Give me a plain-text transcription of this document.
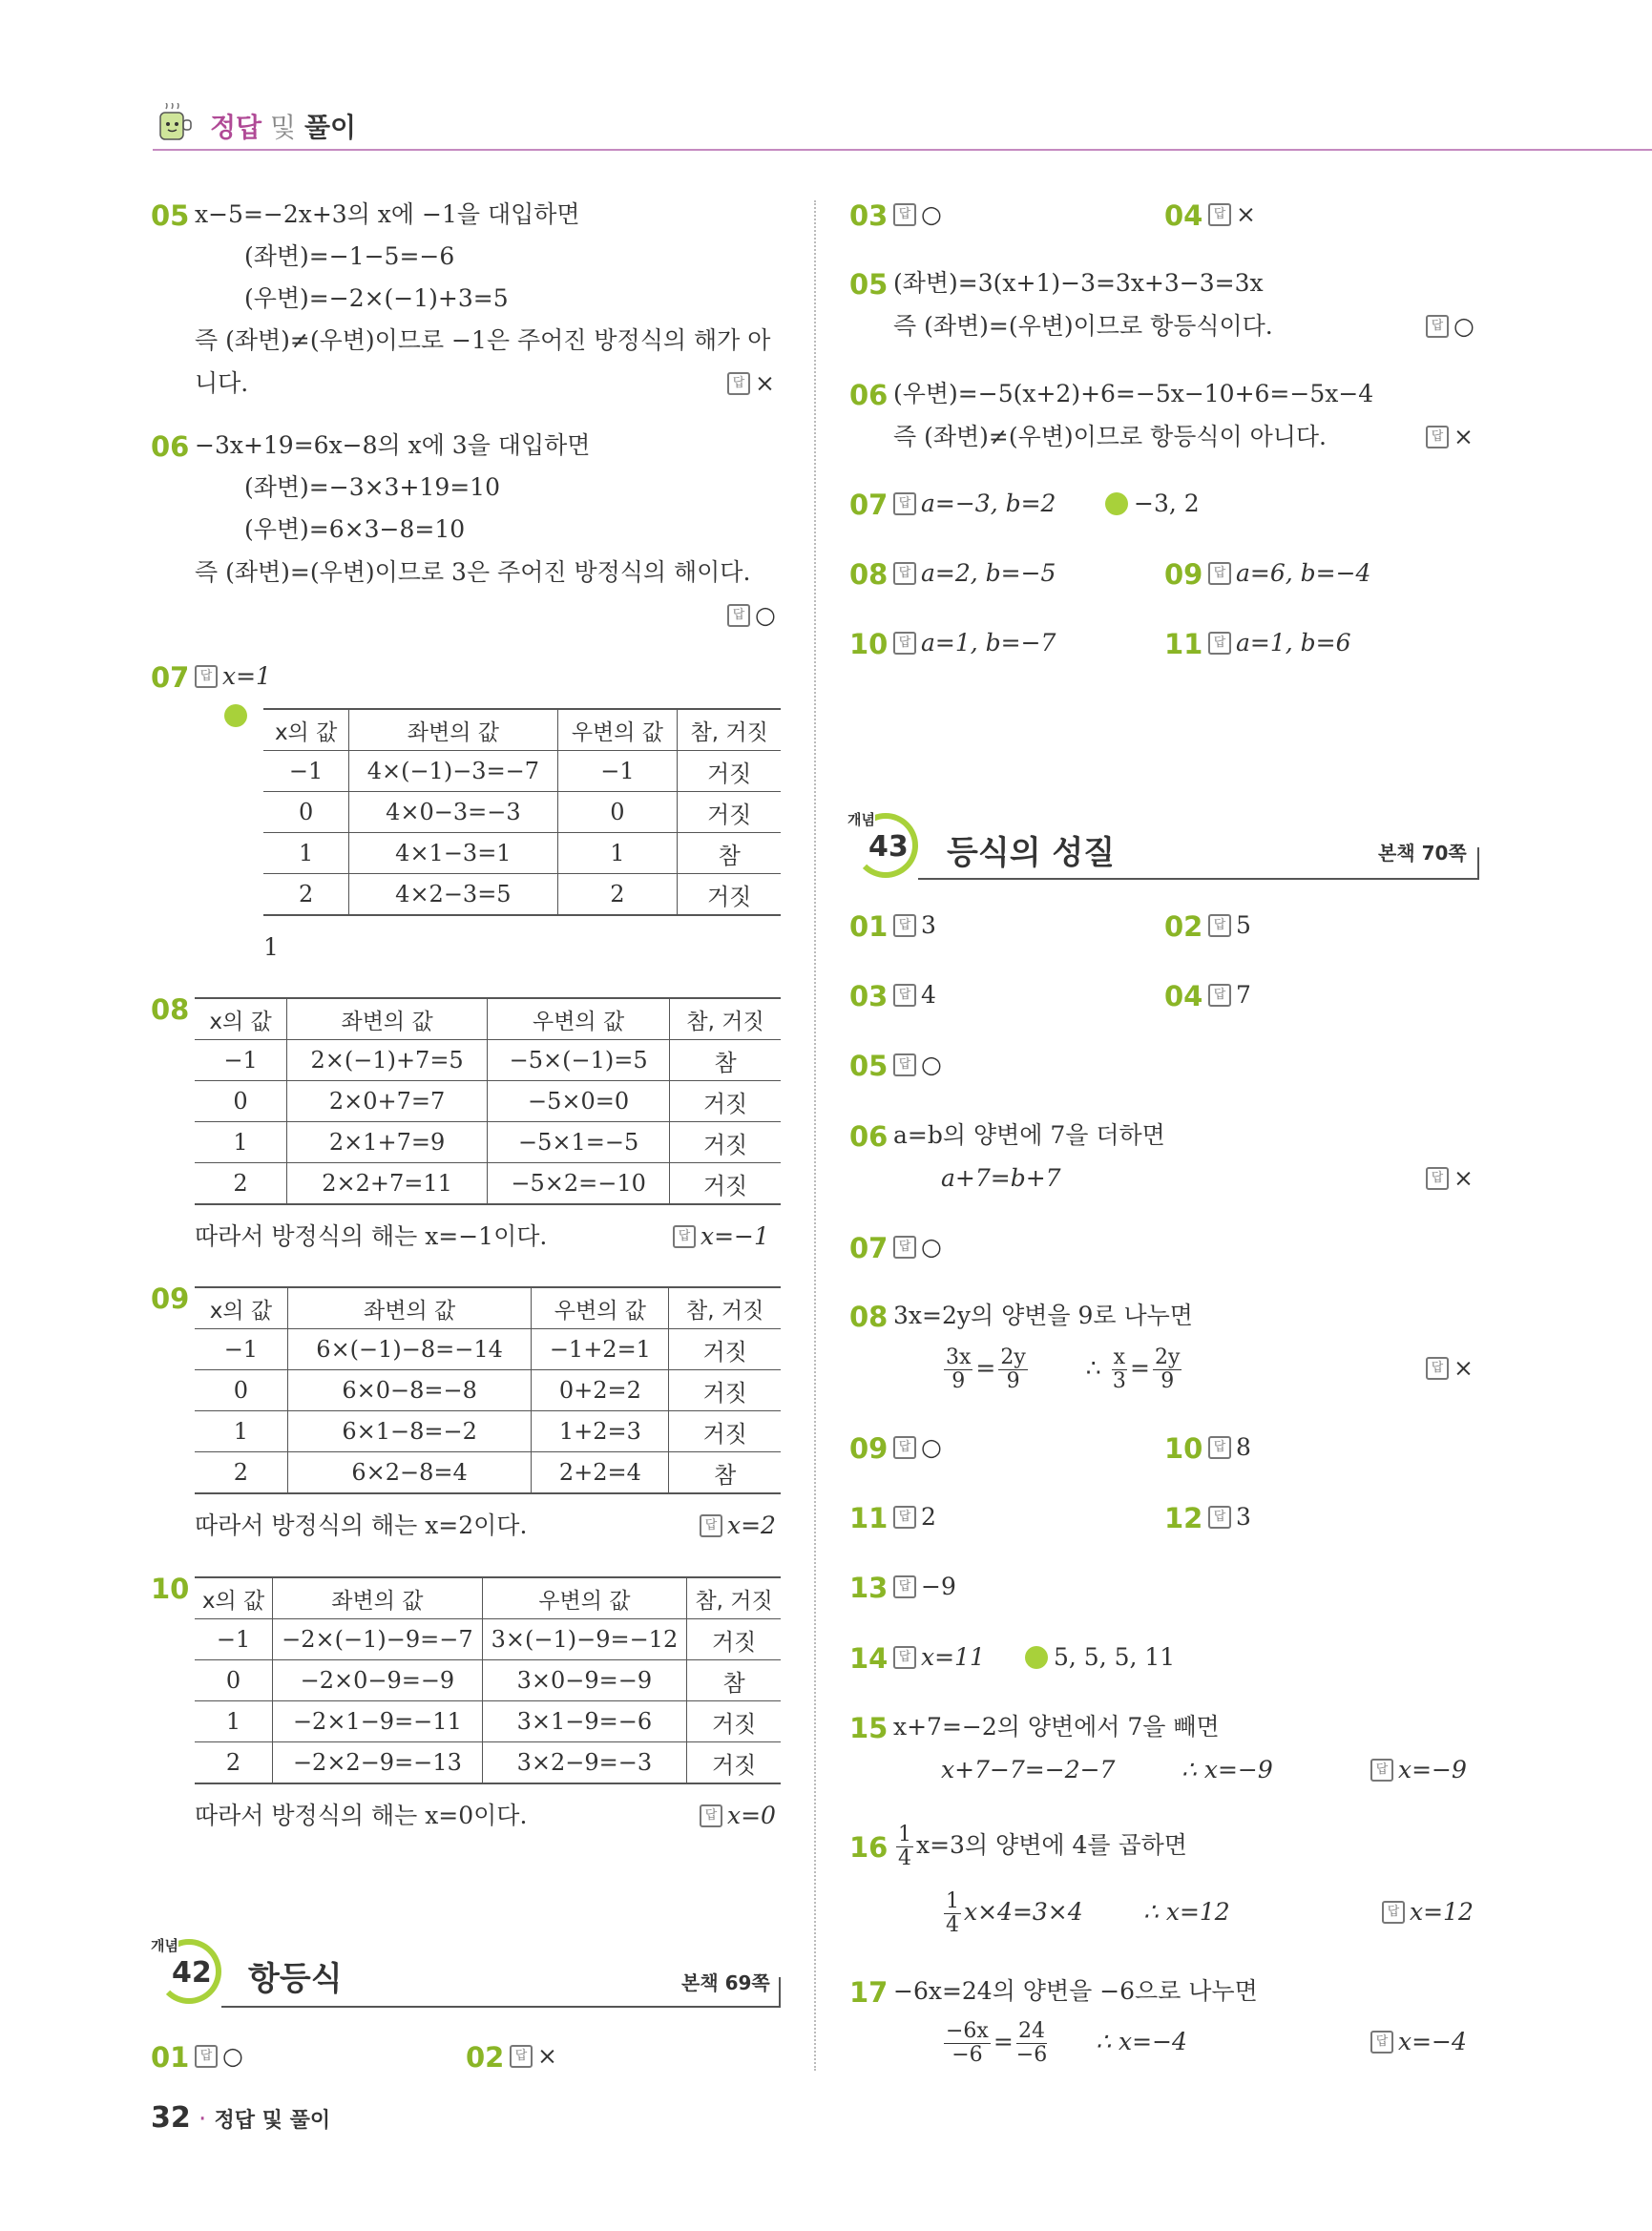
정답 및 풀이
05 x−5=−2x+3의 x에 −1을 대입하면
(좌변)=−1−5=−6
(우변)=−2×(−1)+3=5
즉 (좌변)≠(우변)이므로 −1은 주어진 방정식의 해가 아
니다.	답 ×
06 −3x+19=6x−8의 x에 3을 대입하면
(좌변)=−3×3+19=10
(우변)=6×3−8=10
즉 (좌변)=(우변)이므로 3은 주어진 방정식의 해이다.
답 ○
07 답 x=1
x의 값	좌변의 값	우변의 값	참, 거짓
−1	4×(−1)−3=−7	−1	거짓
0	4×0−3=−3	0	거짓
1	4×1−3=1	1	참
2	4×2−3=5	2	거짓
1
08 x의 값	좌변의 값	우변의 값	참, 거짓
−1	2×(−1)+7=5	−5×(−1)=5	참
0	2×0+7=7	−5×0=0	거짓
1	2×1+7=9	−5×1=−5	거짓
2	2×2+7=11	−5×2=−10	거짓
따라서 방정식의 해는 x=−1이다.	답 x=−1
09 x의 값	좌변의 값	우변의 값	참, 거짓
−1	6×(−1)−8=−14	−1+2=1	거짓
0	6×0−8=−8	0+2=2	거짓
1	6×1−8=−2	1+2=3	거짓
2	6×2−8=4	2+2=4	참
따라서 방정식의 해는 x=2이다.	답 x=2
10 x의 값	좌변의 값	우변의 값	참, 거짓
−1	−2×(−1)−9=−7	3×(−1)−9=−12	거짓
0	−2×0−9=−9	3×0−9=−9	참
1	−2×1−9=−11	3×1−9=−6	거짓
2	−2×2−9=−13	3×2−9=−3	거짓
따라서 방정식의 해는 x=0이다.	답 x=0
개념
42 항등식	본책 69쪽
01 답 ○	02 답 ×
03 답 ○	04 답 ×
05 (좌변)=3(x+1)−3=3x+3−3=3x
즉 (좌변)=(우변)이므로 항등식이다.	답 ○
06 (우변)=−5(x+2)+6=−5x−10+6=−5x−4
즉 (좌변)≠(우변)이므로 항등식이 아니다.	답 ×
07 답 a=−3, b=2	−3, 2
08 답 a=2, b=−5	09 답 a=6, b=−4
10 답 a=1, b=−7	11 답 a=1, b=6
개념
43 등식의 성질	본책 70쪽
01 답 3	02 답 5
03 답 4	04 답 7
05 답 ○
06 a=b의 양변에 7을 더하면
a+7=b+7	답 ×
07 답 ○
08 3x=2y의 양변을 9로 나누면
$\frac{3x}{9} = \frac{2y}{9}$ ∴ $\frac{x}{3} = \frac{2y}{9}$	답 ×
09 답 ○	10 답 8
11 답 2	12 답 3
13 답 −9
14 답 x=11	5, 5, 5, 11
15 x+7=−2의 양변에서 7을 빼면
x+7−7=−2−7	∴ x=−9	답 x=−9
$16 \frac{1}{4} x=3$의 양변에 4를 곱하면
$\frac{1}{4} x\times 4=3\times 4$	∴ x=12	답 x=12
17 −6x=24의 양변을 −6으로 나누면
$\frac{-6x}{-6} = \frac{24}{-6}$ ∴ x=−4	답 x=−4
32 · 정답 및 풀이
